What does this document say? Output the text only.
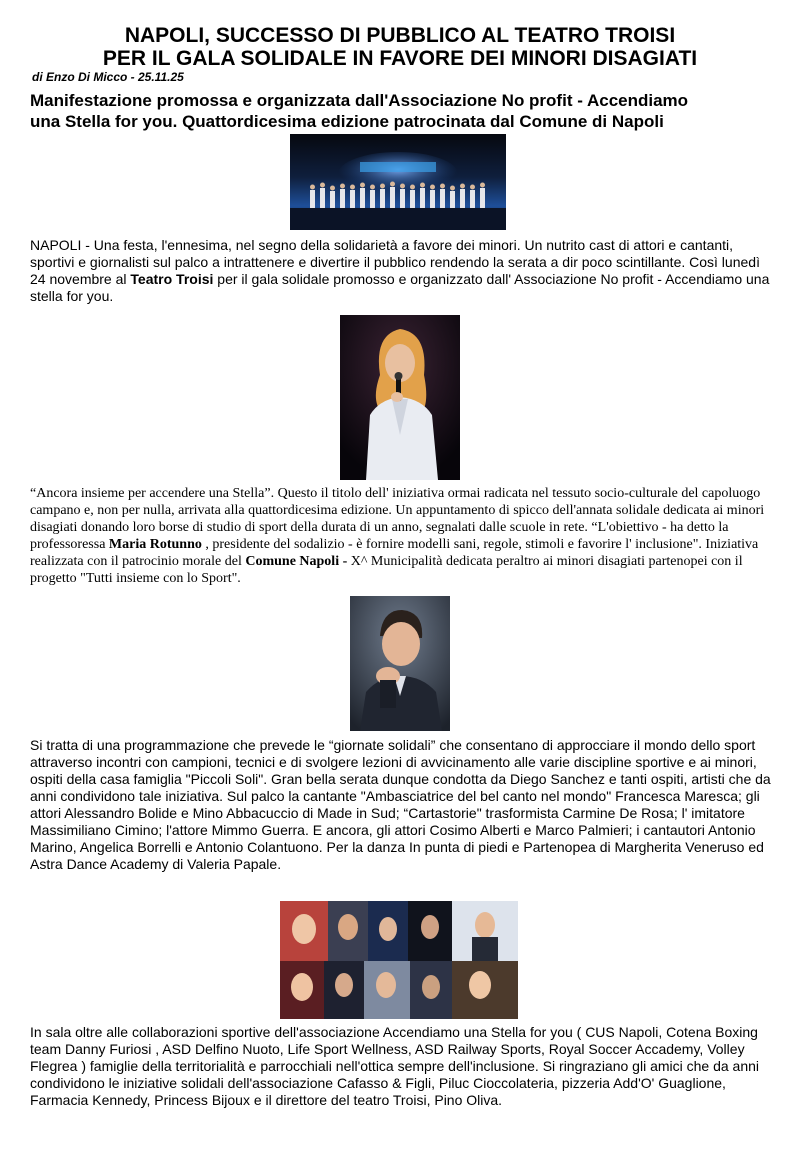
NAPOLI, SUCCESSO DI PUBBLICO AL TEATRO TROISI
PER IL GALA SOLIDALE IN FAVORE DEI MINORI DISAGIATI
di Enzo Di Micco - 25.11.25
Manifestazione promossa e organizzata dall'Associazione No profit - Accendiamo
una Stella for you. Quattordicesima edizione patrocinata dal Comune di Napoli

NAPOLI - Una festa, l'ennesima, nel segno della solidarietà a favore dei minori. Un nutrito cast di attori e cantanti, sportivi e giornalisti sul palco a intrattenere e divertire il pubblico rendendo la serata a dir poco scintillante. Così lunedì 24 novembre al Teatro Troisi per il gala solidale promosso e organizzato dall' Associazione No profit - Accendiamo una stella for you.

“Ancora insieme per accendere una Stella”. Questo il titolo dell' iniziativa ormai radicata nel tessuto socio-culturale del capoluogo campano e, non per nulla, arrivata alla quattordicesima edizione. Un appuntamento di spicco dell'annata solidale dedicata ai minori disagiati donando loro borse di studio di sport della durata di un anno, segnalati dalle scuole in rete. “L'obiettivo - ha detto la professoressa Maria Rotunno , presidente del sodalizio - è fornire modelli sani, regole, stimoli e favorire l' inclusione". Iniziativa realizzata con il patrocinio morale del Comune Napoli - X^ Municipalità dedicata peraltro ai minori disagiati partenopei con il progetto "Tutti insieme con lo Sport".

Si tratta di una programmazione che prevede le “giornate solidali” che consentano di approcciare il mondo dello sport attraverso incontri con campioni, tecnici e di svolgere lezioni di avvicinamento alle varie discipline sportive e ai minori, ospiti della casa famiglia "Piccoli Soli". Gran bella serata dunque condotta da Diego Sanchez e tanti ospiti, artisti che da anni condividono tale iniziativa. Sul palco la cantante "Ambasciatrice del bel canto nel mondo" Francesca Maresca; gli attori Alessandro Bolide e Mino Abbacuccio di Made in Sud; “Cartastorie" trasformista Carmine De Rosa; l' imitatore Massimiliano Cimino; l'attore Mimmo Guerra. E ancora, gli attori Cosimo Alberti e Marco Palmieri; i cantautori Antonio Marino, Angelica Borrelli e Antonio Colantuono. Per la danza In punta di piedi e Partenopea di Margherita Veneruso ed Astra Dance Academy di Valeria Papale.

In sala oltre alle collaborazioni sportive dell'associazione Accendiamo una Stella for you ( CUS Napoli, Cotena Boxing team Danny Furiosi , ASD Delfino Nuoto, Life Sport Wellness, ASD Railway Sports, Royal Soccer Accademy, Volley Flegrea ) famiglie della territorialità e parrocchiali nell'ottica sempre dell'inclusione. Si ringraziano gli amici che da anni condividono le iniziative solidali dell'associazione Cafasso & Figli, Piluc Cioccolateria, pizzeria Add'O' Guaglione, Farmacia Kennedy, Princess Bijoux e il direttore del teatro Troisi, Pino Oliva.
